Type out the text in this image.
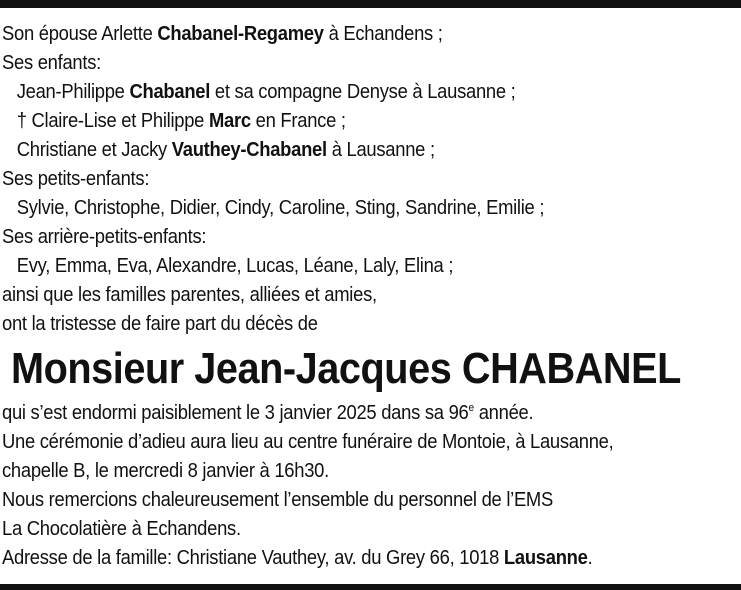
Son épouse Arlette Chabanel-Regamey à Echandens ;
Ses enfants:
Jean-Philippe Chabanel et sa compagne Denyse à Lausanne ;
† Claire-Lise et Philippe Marc en France ;
Christiane et Jacky Vauthey-Chabanel à Lausanne ;
Ses petits-enfants:
Sylvie, Christophe, Didier, Cindy, Caroline, Sting, Sandrine, Emilie ;
Ses arrière-petits-enfants:
Evy, Emma, Eva, Alexandre, Lucas, Léane, Laly, Elina ;
ainsi que les familles parentes, alliées et amies,
ont la tristesse de faire part du décès de
Monsieur Jean-Jacques CHABANEL
qui s’est endormi paisiblement le 3 janvier 2025 dans sa 96e année.
Une cérémonie d’adieu aura lieu au centre funéraire de Montoie, à Lausanne,
chapelle B, le mercredi 8 janvier à 16h30.
Nous remercions chaleureusement l’ensemble du personnel de l’EMS
La Chocolatière à Echandens.
Adresse de la famille: Christiane Vauthey, av. du Grey 66, 1018 Lausanne.
